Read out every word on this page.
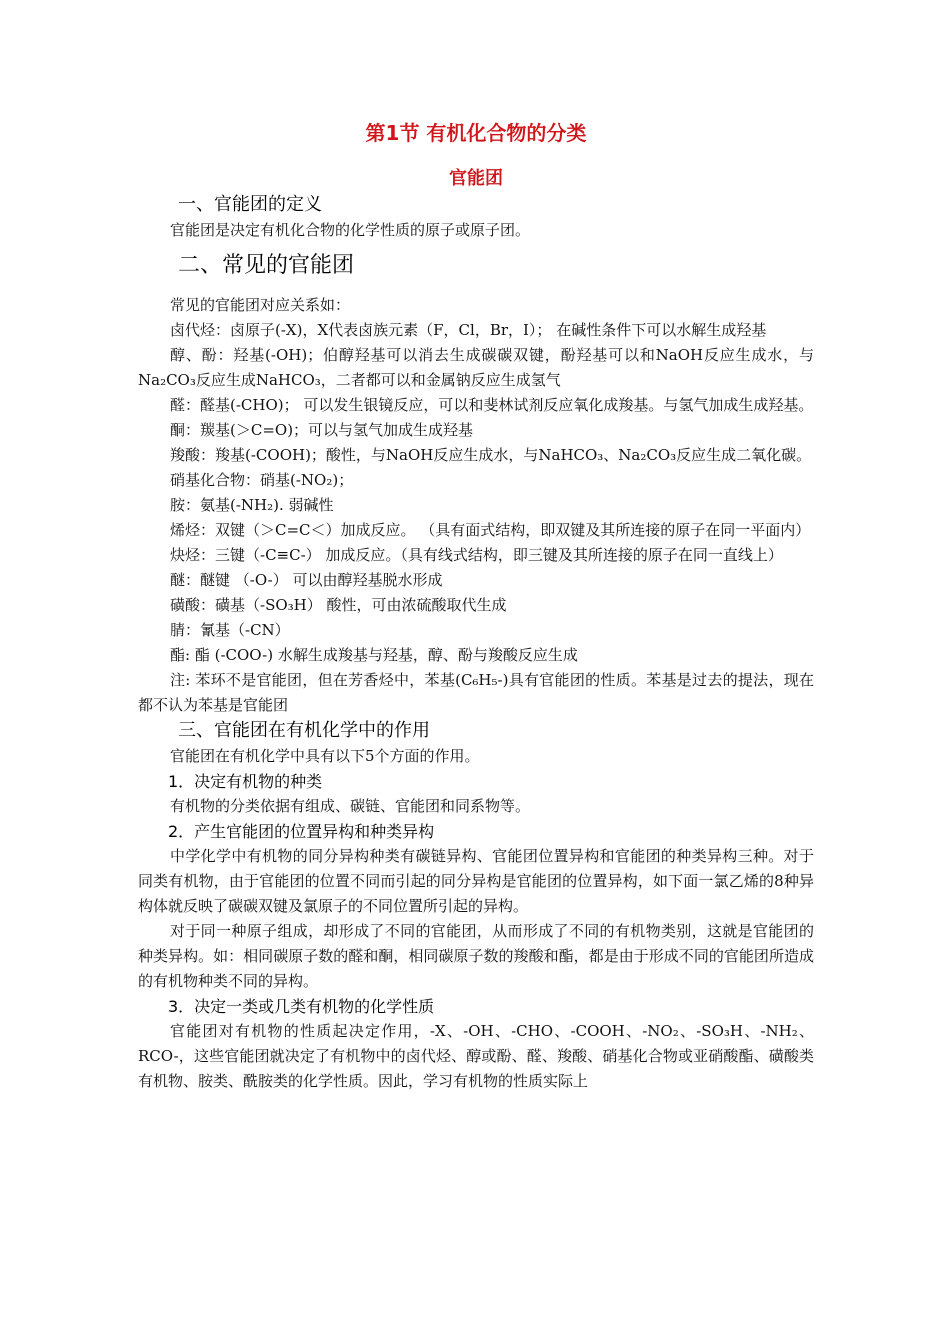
第1节 有机化合物的分类
官能团
一、官能团的定义
官能团是决定有机化合物的化学性质的原子或原子团。
二、常见的官能团
常见的官能团对应关系如：
卤代烃：卤原子(-X)，X代表卤族元素（F，Cl，Br，I）； 在碱性条件下可以水解生成羟基
醇、酚：羟基(-OH)；伯醇羟基可以消去生成碳碳双键，酚羟基可以和NaOH反应生成水，与Na₂CO₃反应生成NaHCO₃，二者都可以和金属钠反应生成氢气
醛：醛基(-CHO)； 可以发生银镜反应，可以和斐林试剂反应氧化成羧基。与氢气加成生成羟基。
酮：羰基(＞C=O)；可以与氢气加成生成羟基
羧酸：羧基(-COOH)；酸性，与NaOH反应生成水，与NaHCO₃、Na₂CO₃反应生成二氧化碳。
硝基化合物：硝基(-NO₂)；
胺：氨基(-NH₂). 弱碱性
烯烃：双键（＞C=C＜）加成反应。 （具有面式结构，即双键及其所连接的原子在同一平面内）
炔烃：三键（-C≡C-） 加成反应。（具有线式结构，即三键及其所连接的原子在同一直线上）
醚：醚键 （-O-） 可以由醇羟基脱水形成
磺酸：磺基（-SO₃H） 酸性，可由浓硫酸取代生成
腈：氰基（-CN）
酯: 酯 (-COO-) 水解生成羧基与羟基，醇、酚与羧酸反应生成
注: 苯环不是官能团，但在芳香烃中，苯基(C₆H₅-)具有官能团的性质。苯基是过去的提法，现在都不认为苯基是官能团
三、官能团在有机化学中的作用
官能团在有机化学中具有以下5个方面的作用。
1．决定有机物的种类
有机物的分类依据有组成、碳链、官能团和同系物等。
2．产生官能团的位置异构和种类异构
中学化学中有机物的同分异构种类有碳链异构、官能团位置异构和官能团的种类异构三种。对于同类有机物，由于官能团的位置不同而引起的同分异构是官能团的位置异构，如下面一氯乙烯的8种异构体就反映了碳碳双键及氯原子的不同位置所引起的异构。
对于同一种原子组成，却形成了不同的官能团，从而形成了不同的有机物类别，这就是官能团的种类异构。如：相同碳原子数的醛和酮，相同碳原子数的羧酸和酯，都是由于形成不同的官能团所造成的有机物种类不同的异构。
3．决定一类或几类有机物的化学性质
官能团对有机物的性质起决定作用，-X、-OH、-CHO、-COOH、-NO₂、-SO₃H、-NH₂、RCO-，这些官能团就决定了有机物中的卤代烃、醇或酚、醛、羧酸、硝基化合物或亚硝酸酯、磺酸类有机物、胺类、酰胺类的化学性质。因此，学习有机物的性质实际上
